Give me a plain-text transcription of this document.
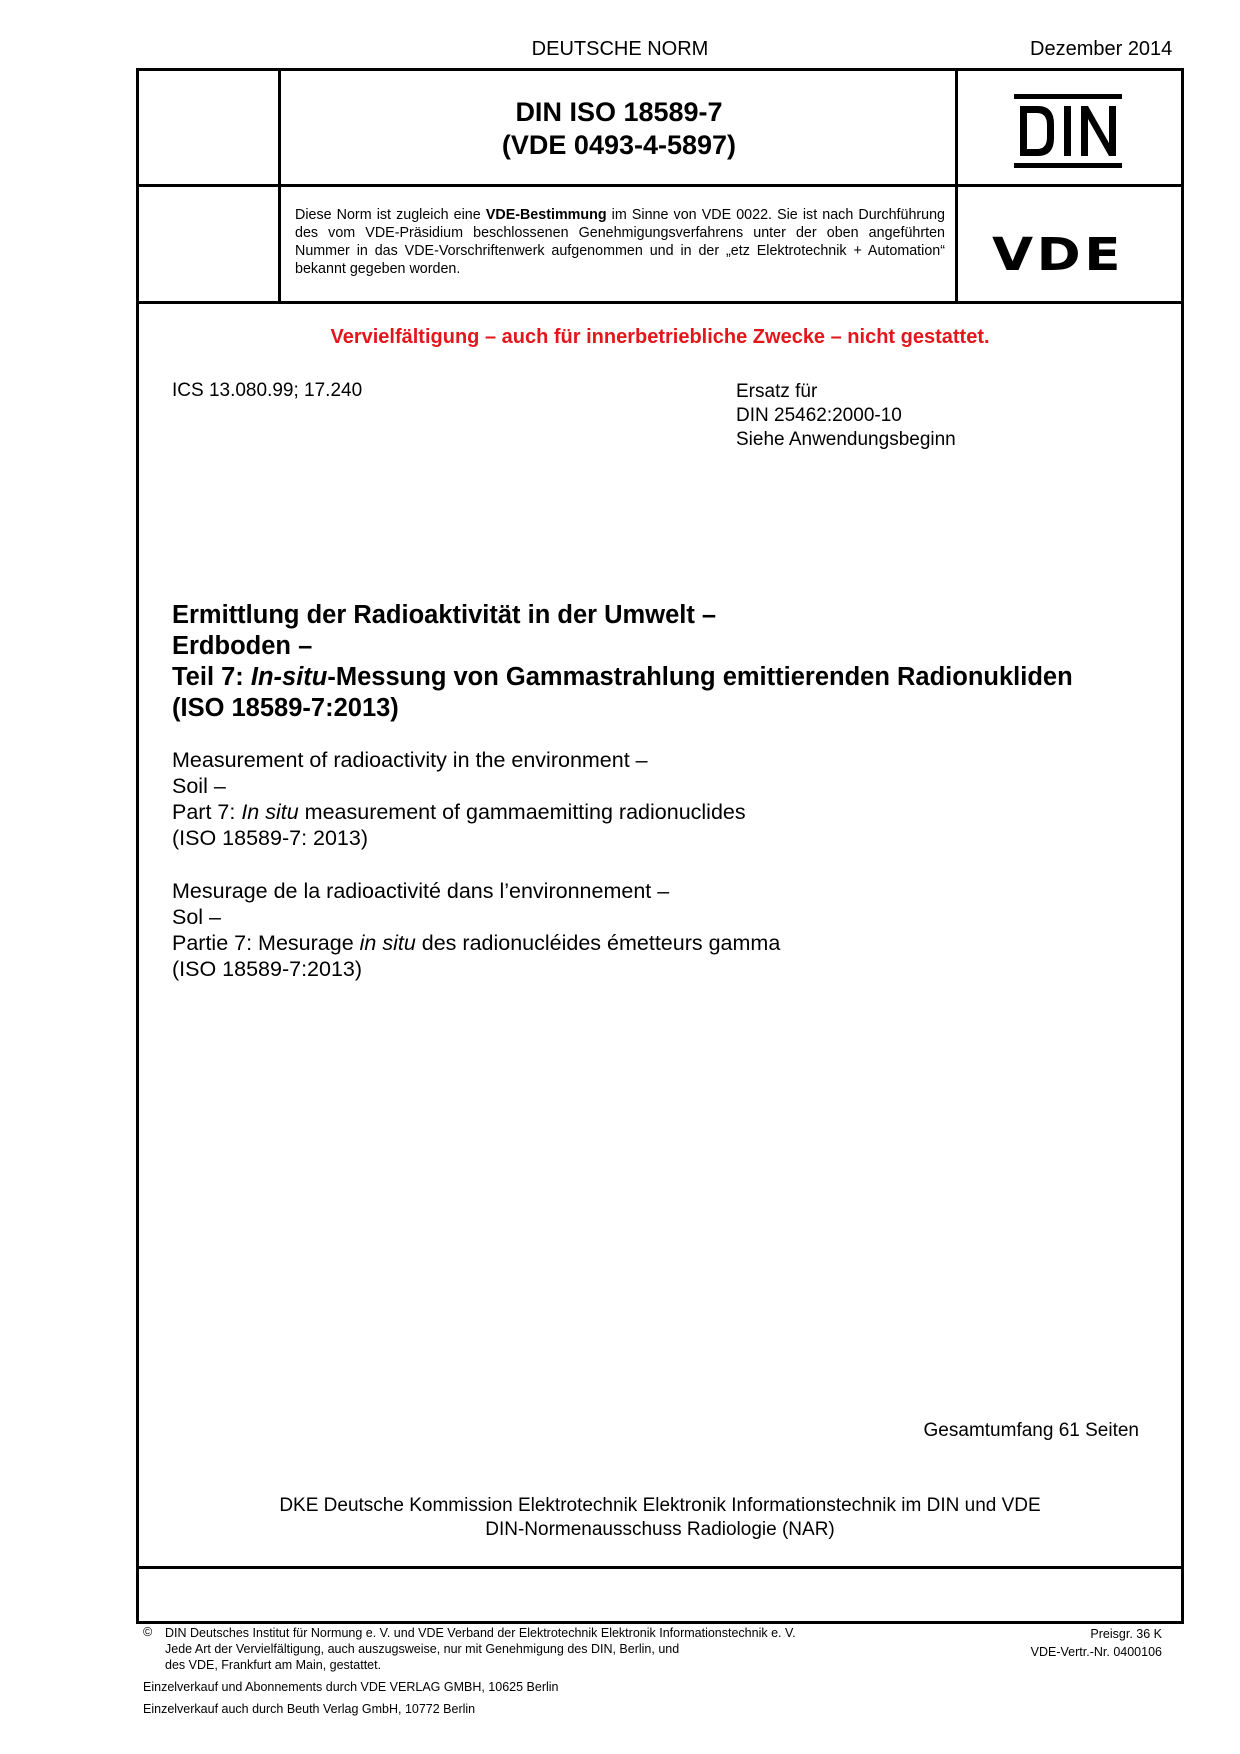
DEUTSCHE NORM	Dezember 2014
DIN ISO 18589-7
(VDE 0493-4-5897)
Diese Norm ist zugleich eine VDE-Bestimmung im Sinne von VDE 0022. Sie ist nach Durchführung des vom VDE-Präsidium beschlossenen Genehmigungsverfahrens unter der oben angeführten Nummer in das VDE-Vorschriftenwerk aufgenommen und in der „etz Elektrotechnik + Automation“ bekannt gegeben worden.	VDE
Vervielfältigung – auch für innerbetriebliche Zwecke – nicht gestattet.
ICS 13.080.99; 17.240	Ersatz für
DIN 25462:2000-10
Siehe Anwendungsbeginn
Ermittlung der Radioaktivität in der Umwelt –
Erdboden –
Teil 7: In-situ-Messung von Gammastrahlung emittierenden Radionukliden
(ISO 18589-7:2013)
Measurement of radioactivity in the environment –
Soil –
Part 7: In situ measurement of gammaemitting radionuclides
(ISO 18589-7: 2013)
Mesurage de la radioactivité dans l’environnement –
Sol –
Partie 7: Mesurage in situ des radionucléides émetteurs gamma
(ISO 18589-7:2013)
Gesamtumfang 61 Seiten
DKE Deutsche Kommission Elektrotechnik Elektronik Informationstechnik im DIN und VDE
DIN-Normenausschuss Radiologie (NAR)
© DIN Deutsches Institut für Normung e. V. und VDE Verband der Elektrotechnik Elektronik Informationstechnik e. V.
Jede Art der Vervielfältigung, auch auszugsweise, nur mit Genehmigung des DIN, Berlin, und
des VDE, Frankfurt am Main, gestattet.
Preisgr. 36 K
VDE-Vertr.-Nr. 0400106
Einzelverkauf und Abonnements durch VDE VERLAG GMBH, 10625 Berlin
Einzelverkauf auch durch Beuth Verlag GmbH, 10772 Berlin
